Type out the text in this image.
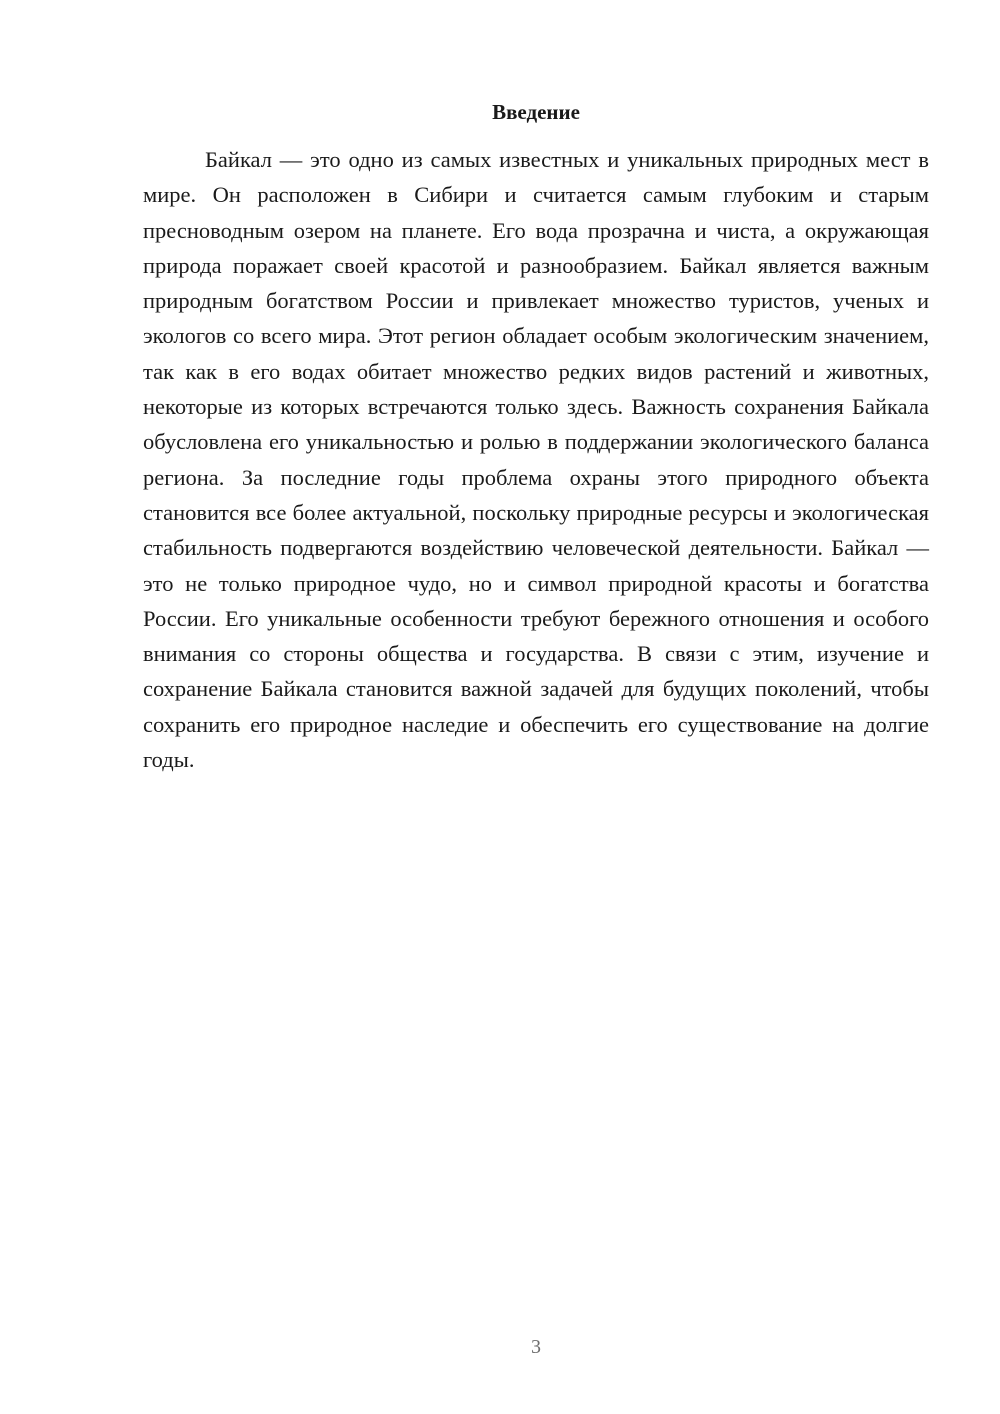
Введение

Байкал — это одно из самых известных и уникальных природных мест в мире. Он расположен в Сибири и считается самым глубоким и старым пресноводным озером на планете. Его вода прозрачна и чиста, а окружающая природа поражает своей красотой и разнообразием. Байкал является важным природным богатством России и привлекает множество туристов, ученых и экологов со всего мира. Этот регион обладает особым экологическим значением, так как в его водах обитает множество редких видов растений и животных, некоторые из которых встречаются только здесь. Важность сохранения Байкала обусловлена его уникальностью и ролью в поддержании экологического баланса региона. За последние годы проблема охраны этого природного объекта становится все более актуальной, поскольку природные ресурсы и экологическая стабильность подвергаются воздействию человеческой деятельности. Байкал — это не только природное чудо, но и символ природной красоты и богатства России. Его уникальные особенности требуют бережного отношения и особого внимания со стороны общества и государства. В связи с этим, изучение и сохранение Байкала становится важной задачей для будущих поколений, чтобы сохранить его природное наследие и обеспечить его существование на долгие годы.

3
